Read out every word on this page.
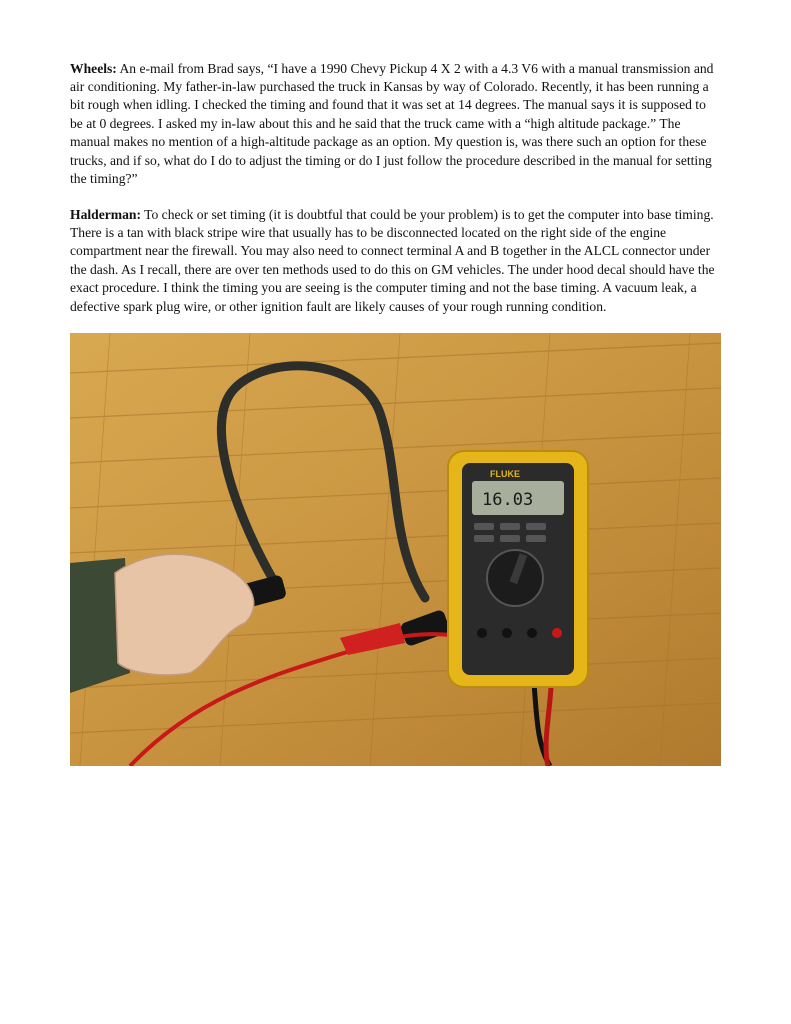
Wheels: An e-mail from Brad says, “I have a 1990 Chevy Pickup 4 X 2 with a 4.3 V6 with a manual transmission and air conditioning. My father-in-law purchased the truck in Kansas by way of Colorado. Recently, it has been running a bit rough when idling. I checked the timing and found that it was set at 14 degrees. The manual says it is supposed to be at 0 degrees. I asked my in-law about this and he said that the truck came with a “high altitude package.” The manual makes no mention of a high-altitude package as an option. My question is, was there such an option for these trucks, and if so, what do I do to adjust the timing or do I just follow the procedure described in the manual for setting the timing?”

Halderman: To check or set timing (it is doubtful that could be your problem) is to get the computer into base timing. There is a tan with black stripe wire that usually has to be disconnected located on the right side of the engine compartment near the firewall. You may also need to connect terminal A and B together in the ALCL connector under the dash. As I recall, there are over ten methods used to do this on GM vehicles. The under hood decal should have the exact procedure. I think the timing you are seeing is the computer timing and not the base timing. A vacuum leak, a defective spark plug wire, or other ignition fault are likely causes of your rough running condition.

FLUKE
16.03
